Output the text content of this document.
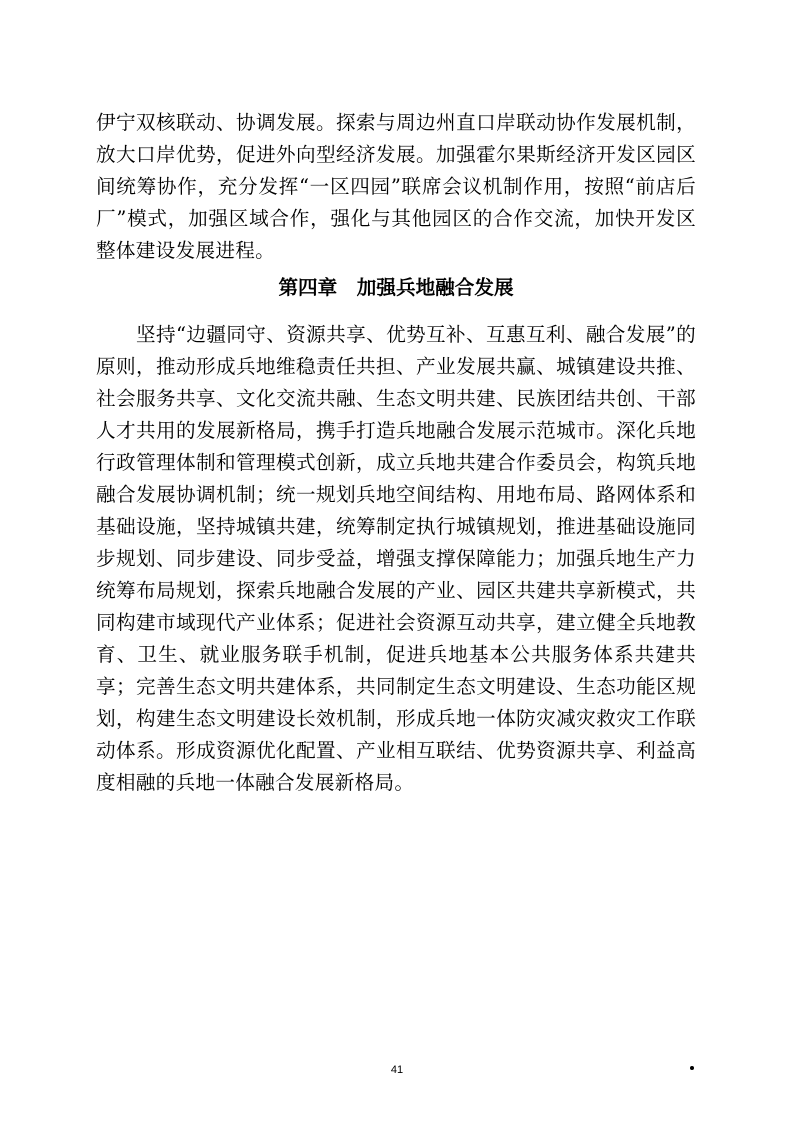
伊宁双核联动、协调发展。探索与周边州直口岸联动协作发展机制，放大口岸优势，促进外向型经济发展。加强霍尔果斯经济开发区园区间统筹协作，充分发挥“一区四园”联席会议机制作用，按照“前店后厂”模式，加强区域合作，强化与其他园区的合作交流，加快开发区整体建设发展进程。

第四章　加强兵地融合发展

坚持“边疆同守、资源共享、优势互补、互惠互利、融合发展”的原则，推动形成兵地维稳责任共担、产业发展共赢、城镇建设共推、社会服务共享、文化交流共融、生态文明共建、民族团结共创、干部人才共用的发展新格局，携手打造兵地融合发展示范城市。深化兵地行政管理体制和管理模式创新，成立兵地共建合作委员会，构筑兵地融合发展协调机制；统一规划兵地空间结构、用地布局、路网体系和基础设施，坚持城镇共建，统筹制定执行城镇规划，推进基础设施同步规划、同步建设、同步受益，增强支撑保障能力；加强兵地生产力统筹布局规划，探索兵地融合发展的产业、园区共建共享新模式，共同构建市域现代产业体系；促进社会资源互动共享，建立健全兵地教育、卫生、就业服务联手机制，促进兵地基本公共服务体系共建共享；完善生态文明共建体系，共同制定生态文明建设、生态功能区规划，构建生态文明建设长效机制，形成兵地一体防灾减灾救灾工作联动体系。形成资源优化配置、产业相互联结、优势资源共享、利益高度相融的兵地一体融合发展新格局。

41
